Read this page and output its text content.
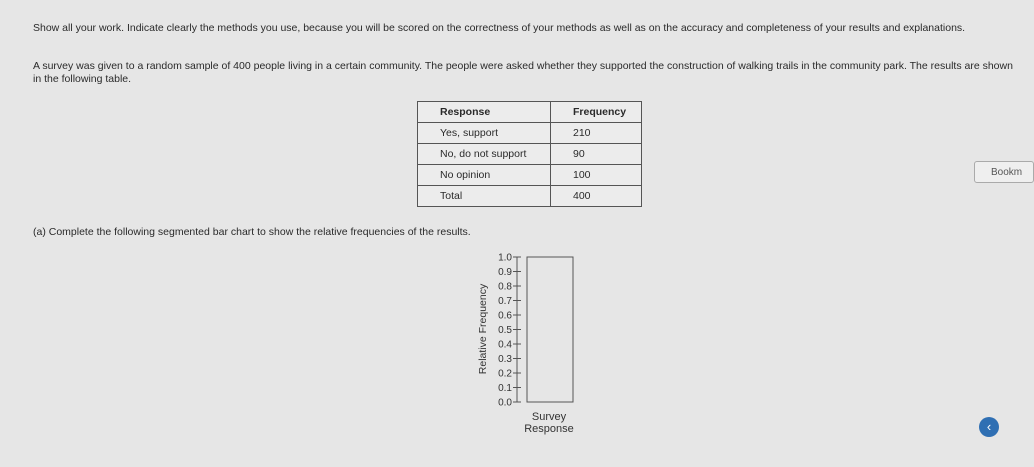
Show all your work. Indicate clearly the methods you use, because you will be scored on the correctness of your methods as well as on the accuracy and completeness of your results and explanations.
A survey was given to a random sample of 400 people living in a certain community. The people were asked whether they supported the construction of walking trails in the community park. The results are shown in the following table.
Response	Frequency
Yes, support	210
No, do not support	90
No opinion	100
Total	400
(a) Complete the following segmented bar chart to show the relative frequencies of the results.
0.0
0.1
0.2
0.3
0.4
0.5
0.6
0.7
0.8
0.9
1.0
Relative Frequency
Survey
Response
Bookm
‹
